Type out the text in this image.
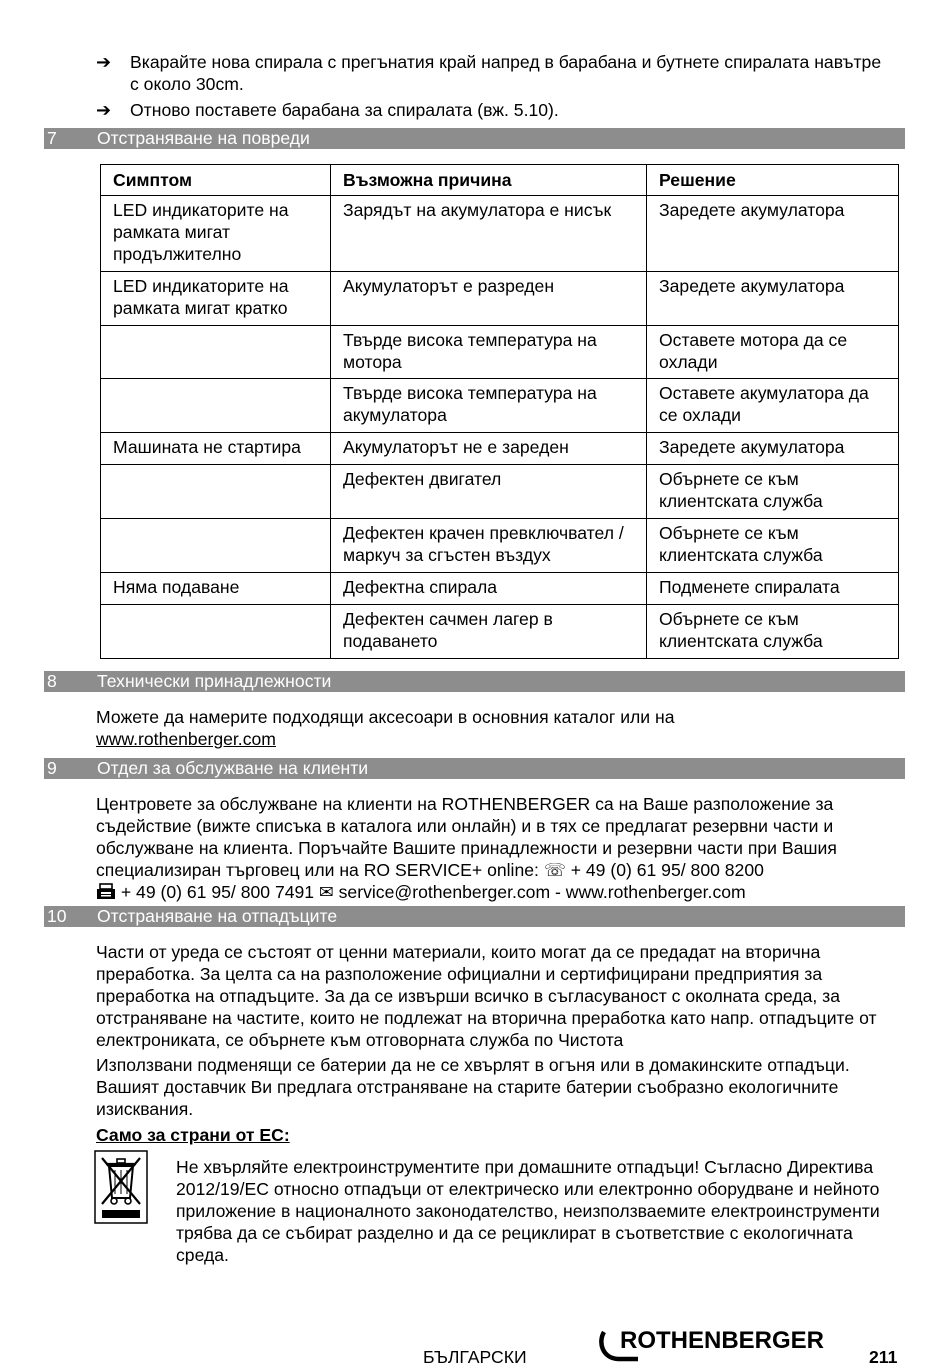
➔ Вкарайте нова спирала с прегънатия край напред в барабана и бутнете спиралата навътре с около 30cm.
➔ Отново поставете барабана за спиралата (вж. 5.10).
7 Отстраняване на повреди
Симптом	Възможна причина	Решение
LED индикаторите на рамката мигат продължително	Зарядът на акумулатора е нисък	Заредете акумулатора
LED индикаторите на рамката мигат кратко	Акумулаторът е разреден	Заредете акумулатора
	Твърде висока температура на мотора	Оставете мотора да се охлади
	Твърде висока температура на акумулатора	Оставете акумулатора да се охлади
Машината не стартира	Акумулаторът не е зареден	Заредете акумулатора
	Дефектен двигател	Обърнете се към клиентската служба
	Дефектен крачен превключвател / маркуч за сгъстен въздух	Обърнете се към клиентската служба
Няма подаване	Дефектна спирала	Подменете спиралата
	Дефектен сачмен лагер в подаването	Обърнете се към клиентската служба
8 Технически принадлежности
Можете да намерите подходящи аксесоари в основния каталог или на
www.rothenberger.com
9 Отдел за обслужване на клиенти
Центровете за обслужване на клиенти на ROTHENBERGER са на Ваше разположение за съдействие (вижте списъка в каталога или онлайн) и в тях се предлагат резервни части и обслужване на клиента. Поръчайте Вашите принадлежности и резервни части при Вашия специализиран търговец или на RO SERVICE+ online: ☏ + 49 (0) 61 95/ 800 8200
+ 49 (0) 61 95/ 800 7491 ✉ service@rothenberger.com - www.rothenberger.com
10 Отстраняване на отпадъците
Части от уреда се състоят от ценни материали, които могат да се предадат на вторична преработка. За целта са на разположение официални и сертифицирани предприятия за преработка на отпадъците. За да се извърши всичко в съгласуваност с околната среда, за отстраняване на частите, които не подлежат на вторична преработка като напр. отпадъците от електрониката, се обърнете към отговорната служба по Чистота
Използвани подменящи се батерии да не се хвърлят в огъня или в домакинските отпадъци. Вашият доставчик Ви предлага отстраняване на старите батерии съобразно екологичните изисквания.
Само за страни от ЕС:
Не хвърляйте електроинструментите при домашните отпадъци! Съгласно Директива 2012/19/ЕС относно отпадъци от електрическо или електронно оборудване и нейното приложение в националното законодателство, неизползваемите електроинструменти трябва да се събират разделно и да се рециклират в съответствие с екологичната среда.
БЪЛГАРСКИ
ROTHENBERGER
211
